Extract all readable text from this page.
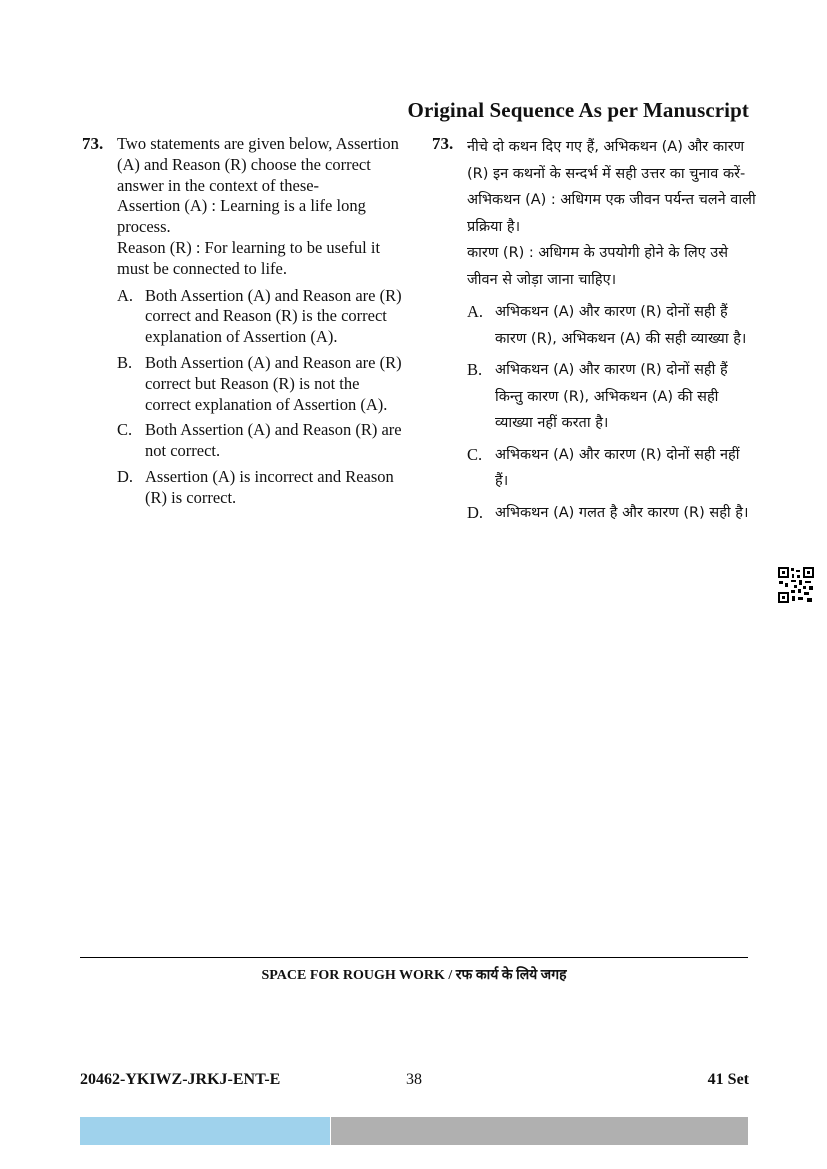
Original Sequence As per Manuscript
73. Two statements are given below, Assertion (A) and Reason (R) choose the correct answer in the context of these-
Assertion (A) : Learning is a life long process.
Reason (R) : For learning to be useful it must be connected to life.
A. Both Assertion (A) and Reason are (R) correct and Reason (R) is the correct explanation of Assertion (A).
B. Both Assertion (A) and Reason are (R) correct but Reason (R) is not the correct explanation of Assertion (A).
C. Both Assertion (A) and Reason (R) are not correct.
D. Assertion (A) is incorrect and Reason (R) is correct.
73. नीचे दो कथन दिए गए हैं, अभिकथन (A) और कारण (R) इन कथनों के सन्दर्भ में सही उत्तर का चुनाव करें-
अभिकथन (A) : अधिगम एक जीवन पर्यन्त चलने वाली प्रक्रिया है।
कारण (R) : अधिगम के उपयोगी होने के लिए उसे जीवन से जोड़ा जाना चाहिए।
A. अभिकथन (A) और कारण (R) दोनों सही हैं कारण (R), अभिकथन (A) की सही व्याख्या है।
B. अभिकथन (A) और कारण (R) दोनों सही हैं किन्तु कारण (R), अभिकथन (A) की सही व्याख्या नहीं करता है।
C. अभिकथन (A) और कारण (R) दोनों सही नहीं हैं।
D. अभिकथन (A) गलत है और कारण (R) सही है।
SPACE FOR ROUGH WORK / रफ कार्य के लिये जगह
20462-YKIWZ-JRKJ-ENT-E	38	41 Set
